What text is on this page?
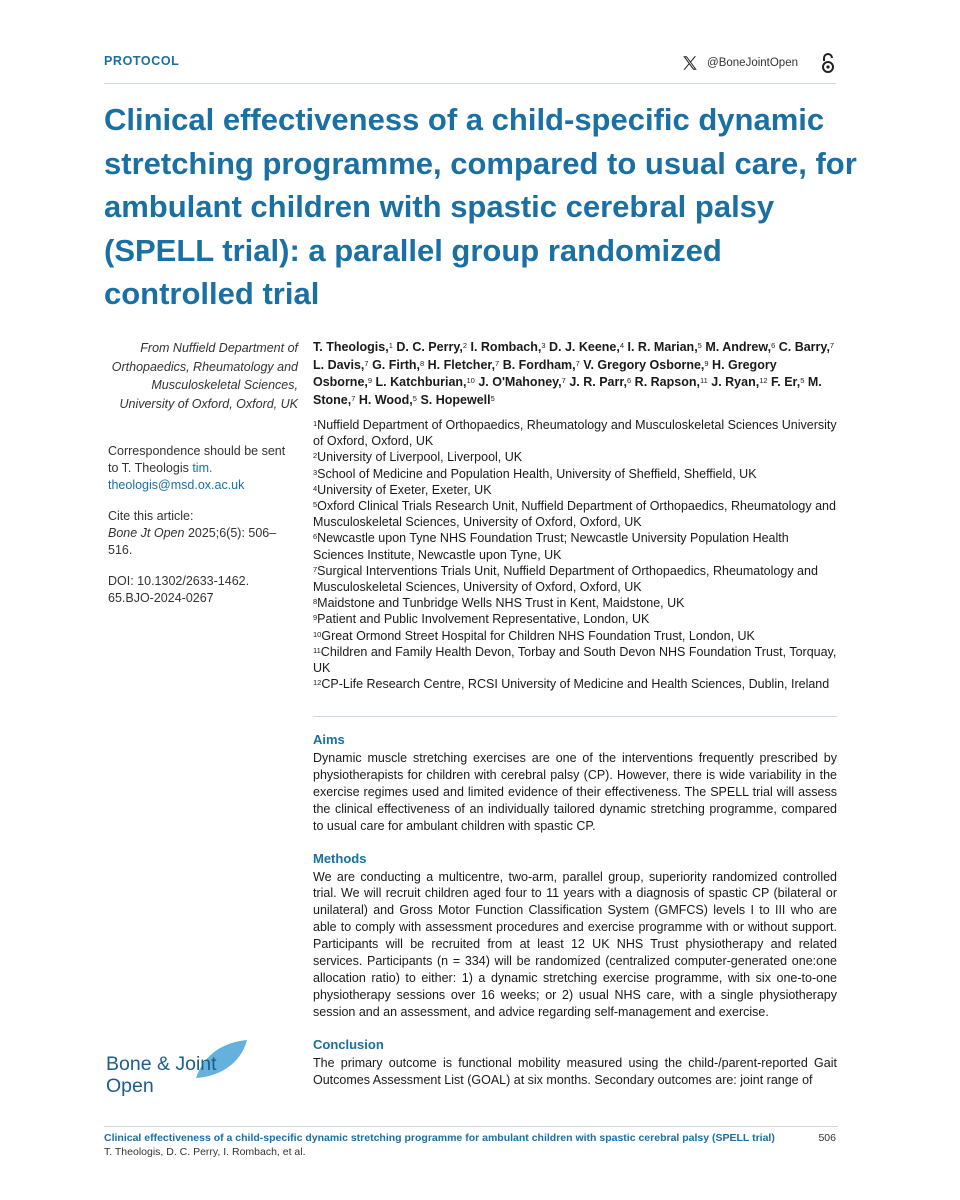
PROTOCOL	@BoneJointOpen
Clinical effectiveness of a child-specific dynamic stretching programme, compared to usual care, for ambulant children with spastic cerebral palsy (SPELL trial): a parallel group randomized controlled trial
From Nuffield Department of Orthopaedics, Rheumatology and Musculoskeletal Sciences, University of Oxford, Oxford, UK

Correspondence should be sent to T. Theologis tim. theologis@msd.ox.ac.uk

Cite this article:
Bone Jt Open 2025;6(5): 506–516.

DOI: 10.1302/2633-1462. 65.BJO-2024-0267

T. Theologis,$^1$ D. C. Perry,$^2$ I. Rombach,$^3$ D. J. Keene,$^4$ I. R. Marian,$^5$ M. Andrew,$^6$ C. Barry,$^7$ L. Davis,$^7$ G. Firth,$^8$ H. Fletcher,$^7$ B. Fordham,$^7$ V. Gregory Osborne,$^9$ H. Gregory Osborne,$^9$ L. Katchburian,$^{10}$ J. O'Mahoney,$^7$ J. R. Parr,$^6$ R. Rapson,$^{11}$ J. Ryan,$^{12}$ F. Er,$^5$ M. Stone,$^7$ H. Wood,$^5$ S. Hopewell$^5$
$^1$Nuffield Department of Orthopaedics, Rheumatology and Musculoskeletal Sciences University of Oxford, Oxford, UK
$^2$University of Liverpool, Liverpool, UK
$^3$School of Medicine and Population Health, University of Sheffield, Sheffield, UK
$^4$University of Exeter, Exeter, UK
$^5$Oxford Clinical Trials Research Unit, Nuffield Department of Orthopaedics, Rheumatology and Musculoskeletal Sciences, University of Oxford, Oxford, UK
$^6$Newcastle upon Tyne NHS Foundation Trust; Newcastle University Population Health Sciences Institute, Newcastle upon Tyne, UK
$^7$Surgical Interventions Trials Unit, Nuffield Department of Orthopaedics, Rheumatology and Musculoskeletal Sciences, University of Oxford, Oxford, UK
$^8$Maidstone and Tunbridge Wells NHS Trust in Kent, Maidstone, UK
$^9$Patient and Public Involvement Representative, London, UK
$^{10}$Great Ormond Street Hospital for Children NHS Foundation Trust, London, UK
$^{11}$Children and Family Health Devon, Torbay and South Devon NHS Foundation Trust, Torquay, UK
$^{12}$CP-Life Research Centre, RCSI University of Medicine and Health Sciences, Dublin, Ireland
Aims

Dynamic muscle stretching exercises are one of the interventions frequently prescribed by physiotherapists for children with cerebral palsy (CP). However, there is wide variability in the exercise regimes used and limited evidence of their effectiveness. The SPELL trial will assess the clinical effectiveness of an individually tailored dynamic stretching programme, compared to usual care for ambulant children with spastic CP.

Methods

We are conducting a multicentre, two-arm, parallel group, superiority randomized controlled trial. We will recruit children aged four to 11 years with a diagnosis of spastic CP (bilateral or unilateral) and Gross Motor Function Classification System (GMFCS) levels I to III who are able to comply with assessment procedures and exercise programme with or without support. Participants will be recruited from at least 12 UK NHS Trust physiotherapy and related services. Participants (n = 334) will be randomized (centralized computer-generated one:one allocation ratio) to either: 1) a dynamic stretching exercise programme, with six one-to-one physiotherapy sessions over 16 weeks; or 2) usual NHS care, with a single physiotherapy session and an assessment, and advice regarding self-management and exercise.

Conclusion

The primary outcome is functional mobility measured using the child-/parent-reported Gait Outcomes Assessment List (GOAL) at six months. Secondary outcomes are: joint range of

Bone & Joint
Open
Clinical effectiveness of a child-specific dynamic stretching programme for ambulant children with spastic cerebral palsy (SPELL trial)
T. Theologis, D. C. Perry, I. Rombach, et al.
506
